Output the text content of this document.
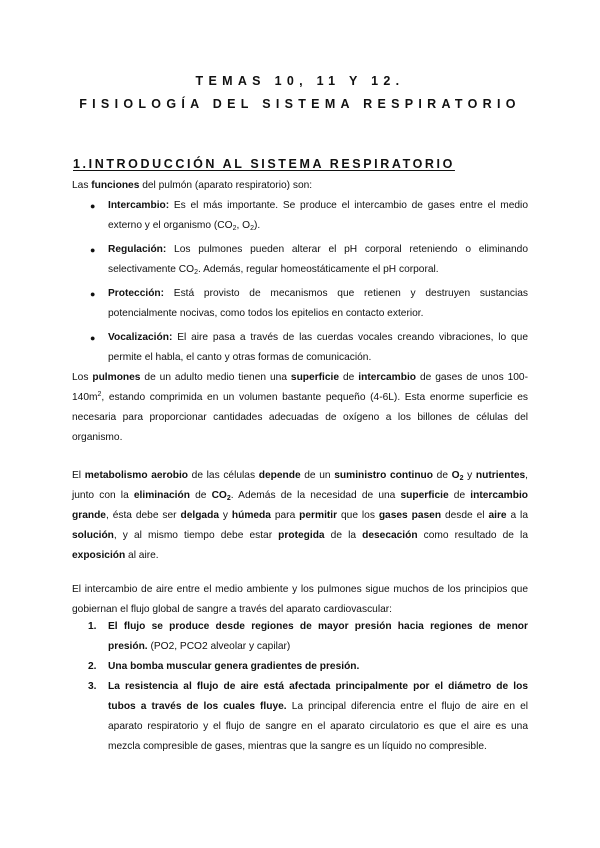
TEMAS 10, 11 Y 12.
FISIOLOGÍA DEL SISTEMA RESPIRATORIO
1.INTRODUCCIÓN AL SISTEMA RESPIRATORIO

Las funciones del pulmón (aparato respiratorio) son:

● Intercambio: Es el más importante. Se produce el intercambio de gases entre el medio externo y el organismo ($CO_2$, $O_2$).
● Regulación: Los pulmones pueden alterar el pH corporal reteniendo o eliminando selectivamente $CO_2$. Además, regular homeostáticamente el pH corporal.
● Protección: Está provisto de mecanismos que retienen y destruyen sustancias potencialmente nocivas, como todos los epitelios en contacto exterior.
● Vocalización: El aire pasa a través de las cuerdas vocales creando vibraciones, lo que permite el habla, el canto y otras formas de comunicación.

Los pulmones de un adulto medio tienen una superficie de intercambio de gases de unos $100-140m^2$, estando comprimida en un volumen bastante pequeño (4-6L). Esta enorme superficie es necesaria para proporcionar cantidades adecuadas de oxígeno a los billones de células del organismo.

El metabolismo aerobio de las células depende de un suministro continuo de $O_2$ y nutrientes, junto con la eliminación de $CO_2$. Además de la necesidad de una superficie de intercambio grande, ésta debe ser delgada y húmeda para permitir que los gases pasen desde el aire a la solución, y al mismo tiempo debe estar protegida de la desecación como resultado de la exposición al aire.

El intercambio de aire entre el medio ambiente y los pulmones sigue muchos de los principios que gobiernan el flujo global de sangre a través del aparato cardiovascular:

1. El flujo se produce desde regiones de mayor presión hacia regiones de menor presión. (PO2, PCO2 alveolar y capilar)
2. Una bomba muscular genera gradientes de presión.
3. La resistencia al flujo de aire está afectada principalmente por el diámetro de los tubos a través de los cuales fluye. La principal diferencia entre el flujo de aire en el aparato respiratorio y el flujo de sangre en el aparato circulatorio es que el aire es una mezcla compresible de gases, mientras que la sangre es un líquido no compresible.
